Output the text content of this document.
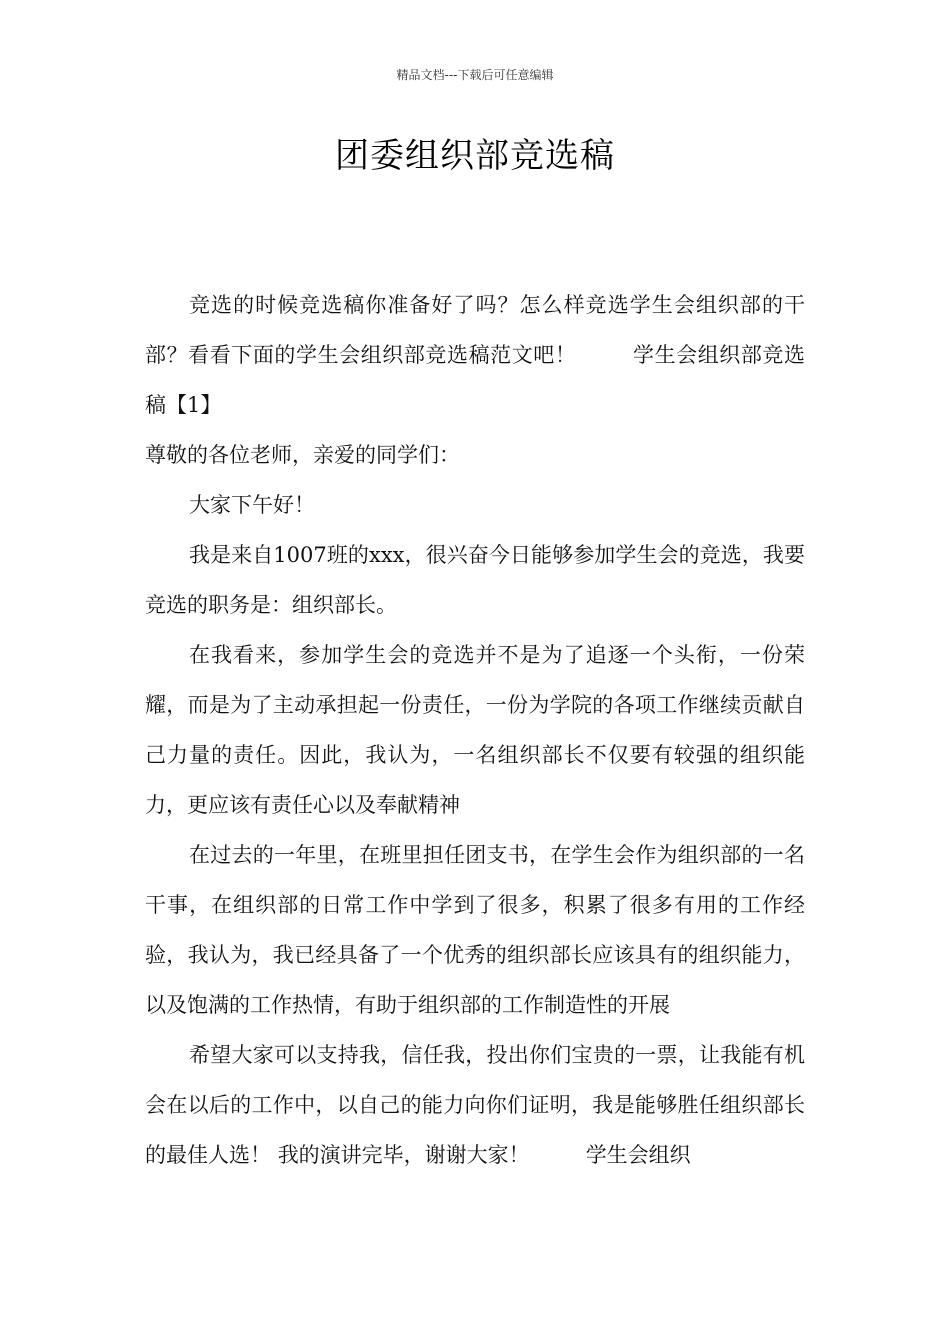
精品文档---下载后可任意编辑
团委组织部竞选稿

竞选的时候竞选稿你准备好了吗？怎么样竞选学生会组织部的干部？看看下面的学生会组织部竞选稿范文吧！	学生会组织部竞选稿【1】

尊敬的各位老师，亲爱的同学们：

大家下午好！

我是来自1007班的xxx，很兴奋今日能够参加学生会的竞选，我要竞选的职务是：组织部长。

在我看来，参加学生会的竞选并不是为了追逐一个头衔，一份荣耀，而是为了主动承担起一份责任，一份为学院的各项工作继续贡献自己力量的责任。因此，我认为，一名组织部长不仅要有较强的组织能力，更应该有责任心以及奉献精神

在过去的一年里，在班里担任团支书，在学生会作为组织部的一名干事，在组织部的日常工作中学到了很多，积累了很多有用的工作经验，我认为，我已经具备了一个优秀的组织部长应该具有的组织能力，以及饱满的工作热情，有助于组织部的工作制造性的开展

希望大家可以支持我，信任我，投出你们宝贵的一票，让我能有机会在以后的工作中，以自己的能力向你们证明，我是能够胜任组织部长的最佳人选！ 我的演讲完毕，谢谢大家！	学生会组织
